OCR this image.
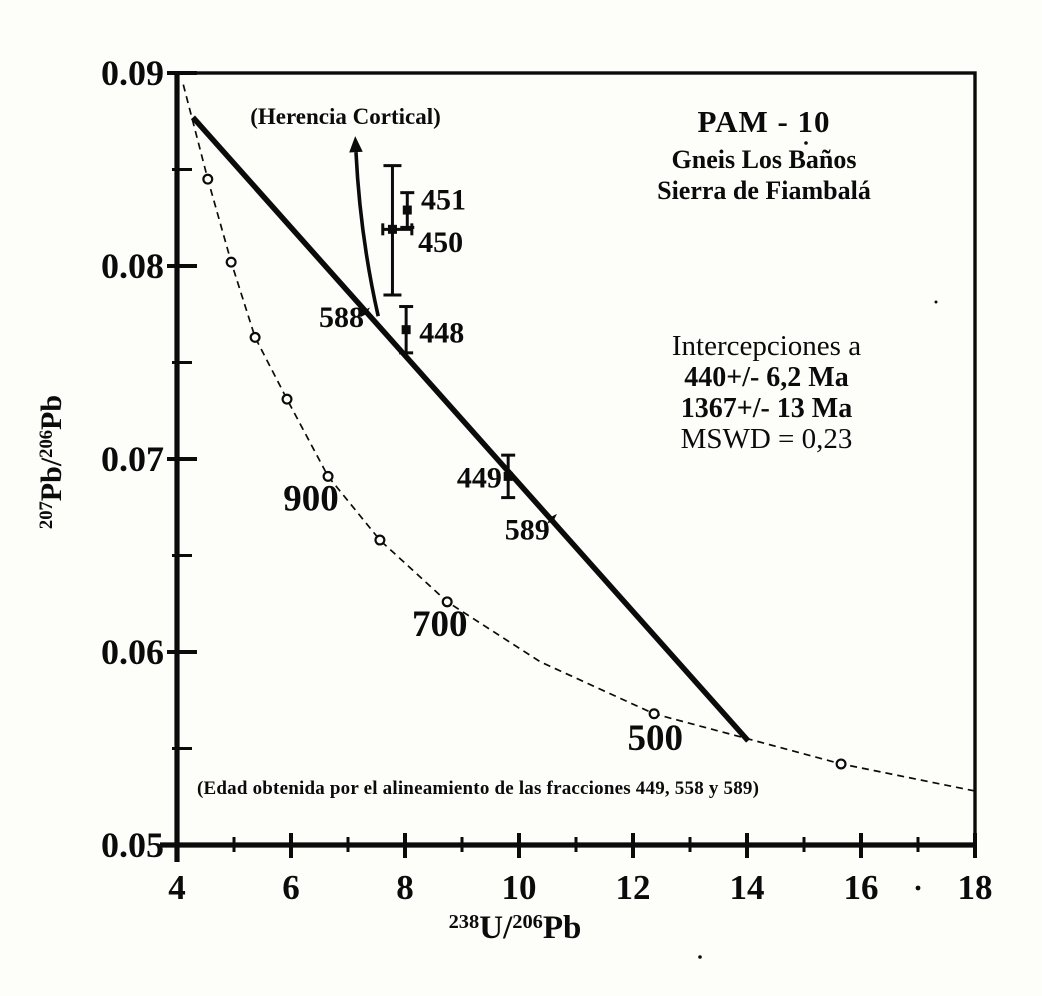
4	6	8	10 12 14 16 18
0.05
0.06
0.07
0.08
0.09
900
700
500
451
450
448
588
449
589
PAM - 10
Gneis Los Baños
Sierra de Fiambalá
Intercepciones a
440+/- 6,2 Ma
1367+/- 13 Ma
MSWD = 0,23
(Herencia Cortical)
(Edad obtenida por el alineamiento de las fracciones 449, 558 y 589)
$^{238}$U/$^{206}$Pb
$^{207}$Pb/$^{206}$Pb
